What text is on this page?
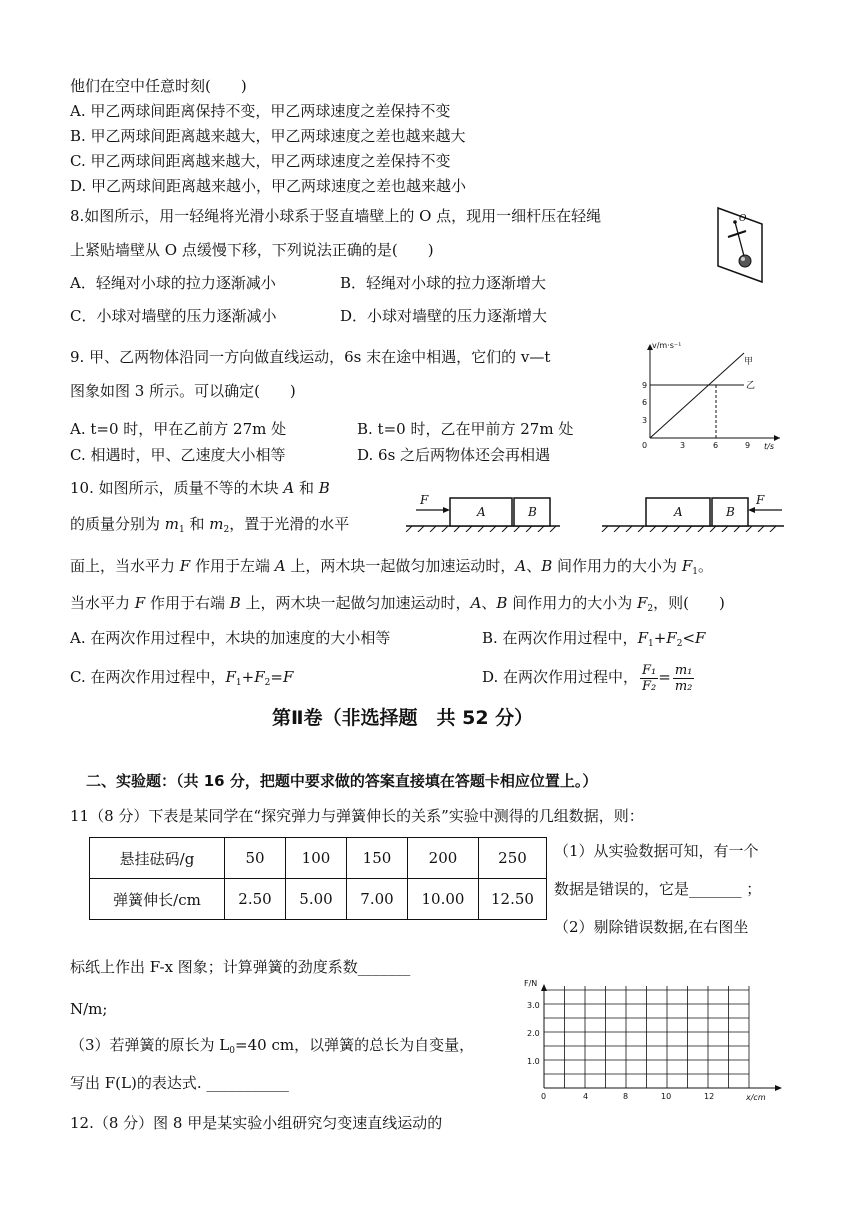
他们在空中任意时刻(　　)
A. 甲乙两球间距离保持不变，甲乙两球速度之差保持不变
B. 甲乙两球间距离越来越大，甲乙两球速度之差也越来越大
C. 甲乙两球间距离越来越大，甲乙两球速度之差保持不变
D. 甲乙两球间距离越来越小，甲乙两球速度之差也越来越小
8.如图所示，用一轻绳将光滑小球系于竖直墙壁上的 O 点，现用一细杆压在轻绳
上紧贴墙壁从 O 点缓慢下移，下列说法正确的是(　　)
A．轻绳对小球的拉力逐渐减小	B．轻绳对小球的拉力逐渐增大
C．小球对墙壁的压力逐渐减小	D．小球对墙壁的压力逐渐增大
O
9. 甲、乙两物体沿同一方向做直线运动，6s 末在途中相遇，它们的 v—t
图象如图 3 所示。可以确定(　　)
A. t=0 时，甲在乙前方 27m 处	B. t=0 时，乙在甲前方 27m 处
C. 相遇时，甲、乙速度大小相等	D. 6s 之后两物体还会再相遇
v/m·s⁻¹
t/s
0
3
6
9
3	6	9
甲
乙
10. 如图所示，质量不等的木块 A 和 B
的质量分别为 $m_1$ 和 $m_2$，置于光滑的水平
面上，当水平力 F 作用于左端 A 上，两木块一起做匀加速运动时，A、B 间作用力的大小为 $F_1$。
当水平力 F 作用于右端 B 上，两木块一起做匀加速运动时，A、B 间作用力的大小为 $F_2$，则(　　)
A. 在两次作用过程中，木块的加速度的大小相等	B. 在两次作用过程中，$F_1+F_2<F$
C. 在两次作用过程中，$F_1+F_2=F$	D. 在两次作用过程中， $\frac{\text{F₁}}{\text{F₂}} = \frac{\text{m₁}}{\text{m₂}}$
F
A	B
F
A	B
第Ⅱ卷（非选择题　共 52 分）
二、实验题：（共 16 分，把题中要求做的答案直接填在答题卡相应位置上。）
11（8 分）下表是某同学在“探究弹力与弹簧伸长的关系”实验中测得的几组数据，则：
悬挂砝码/g	50	100	150	200	250
弹簧伸长/cm	2.50	5.00	7.00	10.00	12.50
（1）从实验数据可知，有一个
数据是错误的，它是_______ ；
（2）剔除错误数据,在右图坐
标纸上作出 F-x 图象；计算弹簧的劲度系数_______
N/m;
（3）若弹簧的原长为 $L_0=40$ cm，以弹簧的总长为自变量，
写出 F(L)的表达式. ___________
F/N
x/cm
1.0
2.0
3.0
0	4	8	10	12
12.（8 分）图 8 甲是某实验小组研究匀变速直线运动的
